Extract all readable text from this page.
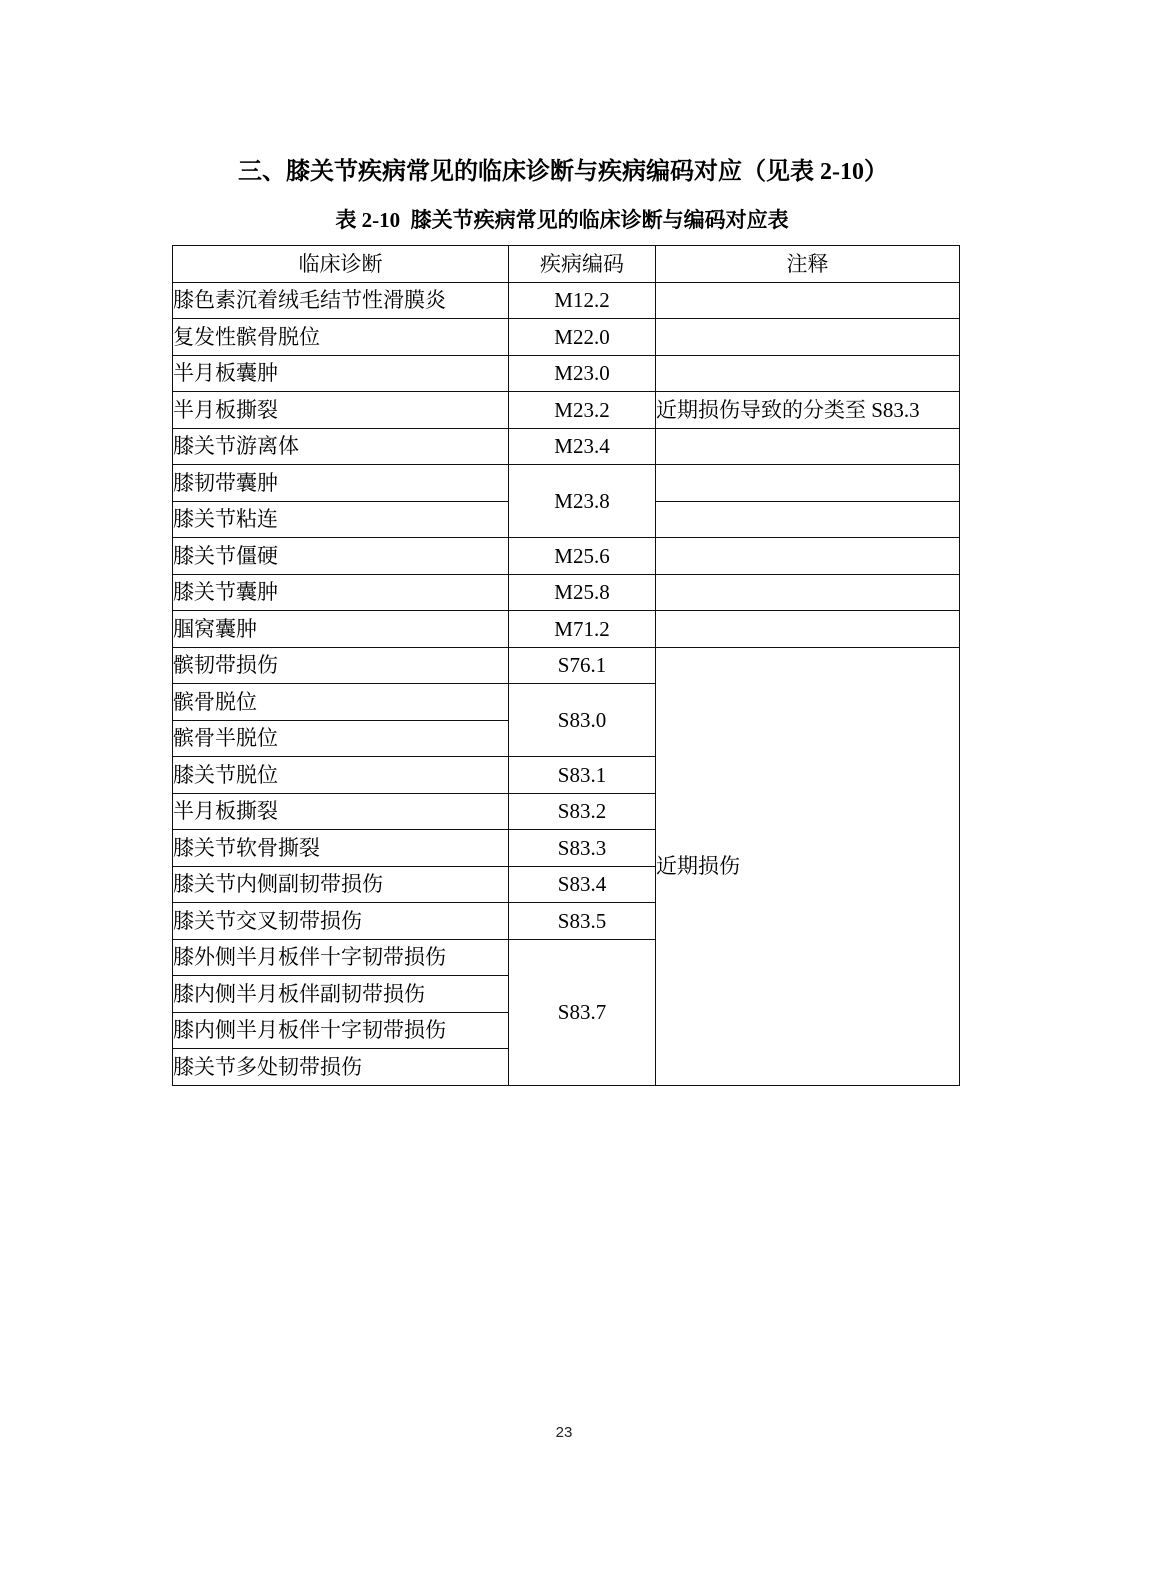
三、膝关节疾病常见的临床诊断与疾病编码对应（见表 2-10）
表 2-10  膝关节疾病常见的临床诊断与编码对应表
临床诊断	疾病编码	注释
膝色素沉着绒毛结节性滑膜炎	M12.2	
复发性髌骨脱位	M22.0	
半月板囊肿	M23.0	
半月板撕裂	M23.2	近期损伤导致的分类至 S83.3
膝关节游离体	M23.4	
膝韧带囊肿	M23.8	
膝关节粘连		
膝关节僵硬	M25.6	
膝关节囊肿	M25.8	
腘窝囊肿	M71.2	
髌韧带损伤	S76.1	近期损伤
髌骨脱位	S83.0	
髌骨半脱位		
膝关节脱位	S83.1	
半月板撕裂	S83.2	
膝关节软骨撕裂	S83.3	
膝关节内侧副韧带损伤	S83.4	
膝关节交叉韧带损伤	S83.5	
膝外侧半月板伴十字韧带损伤	S83.7	
膝内侧半月板伴副韧带损伤		
膝内侧半月板伴十字韧带损伤		
膝关节多处韧带损伤		
23
